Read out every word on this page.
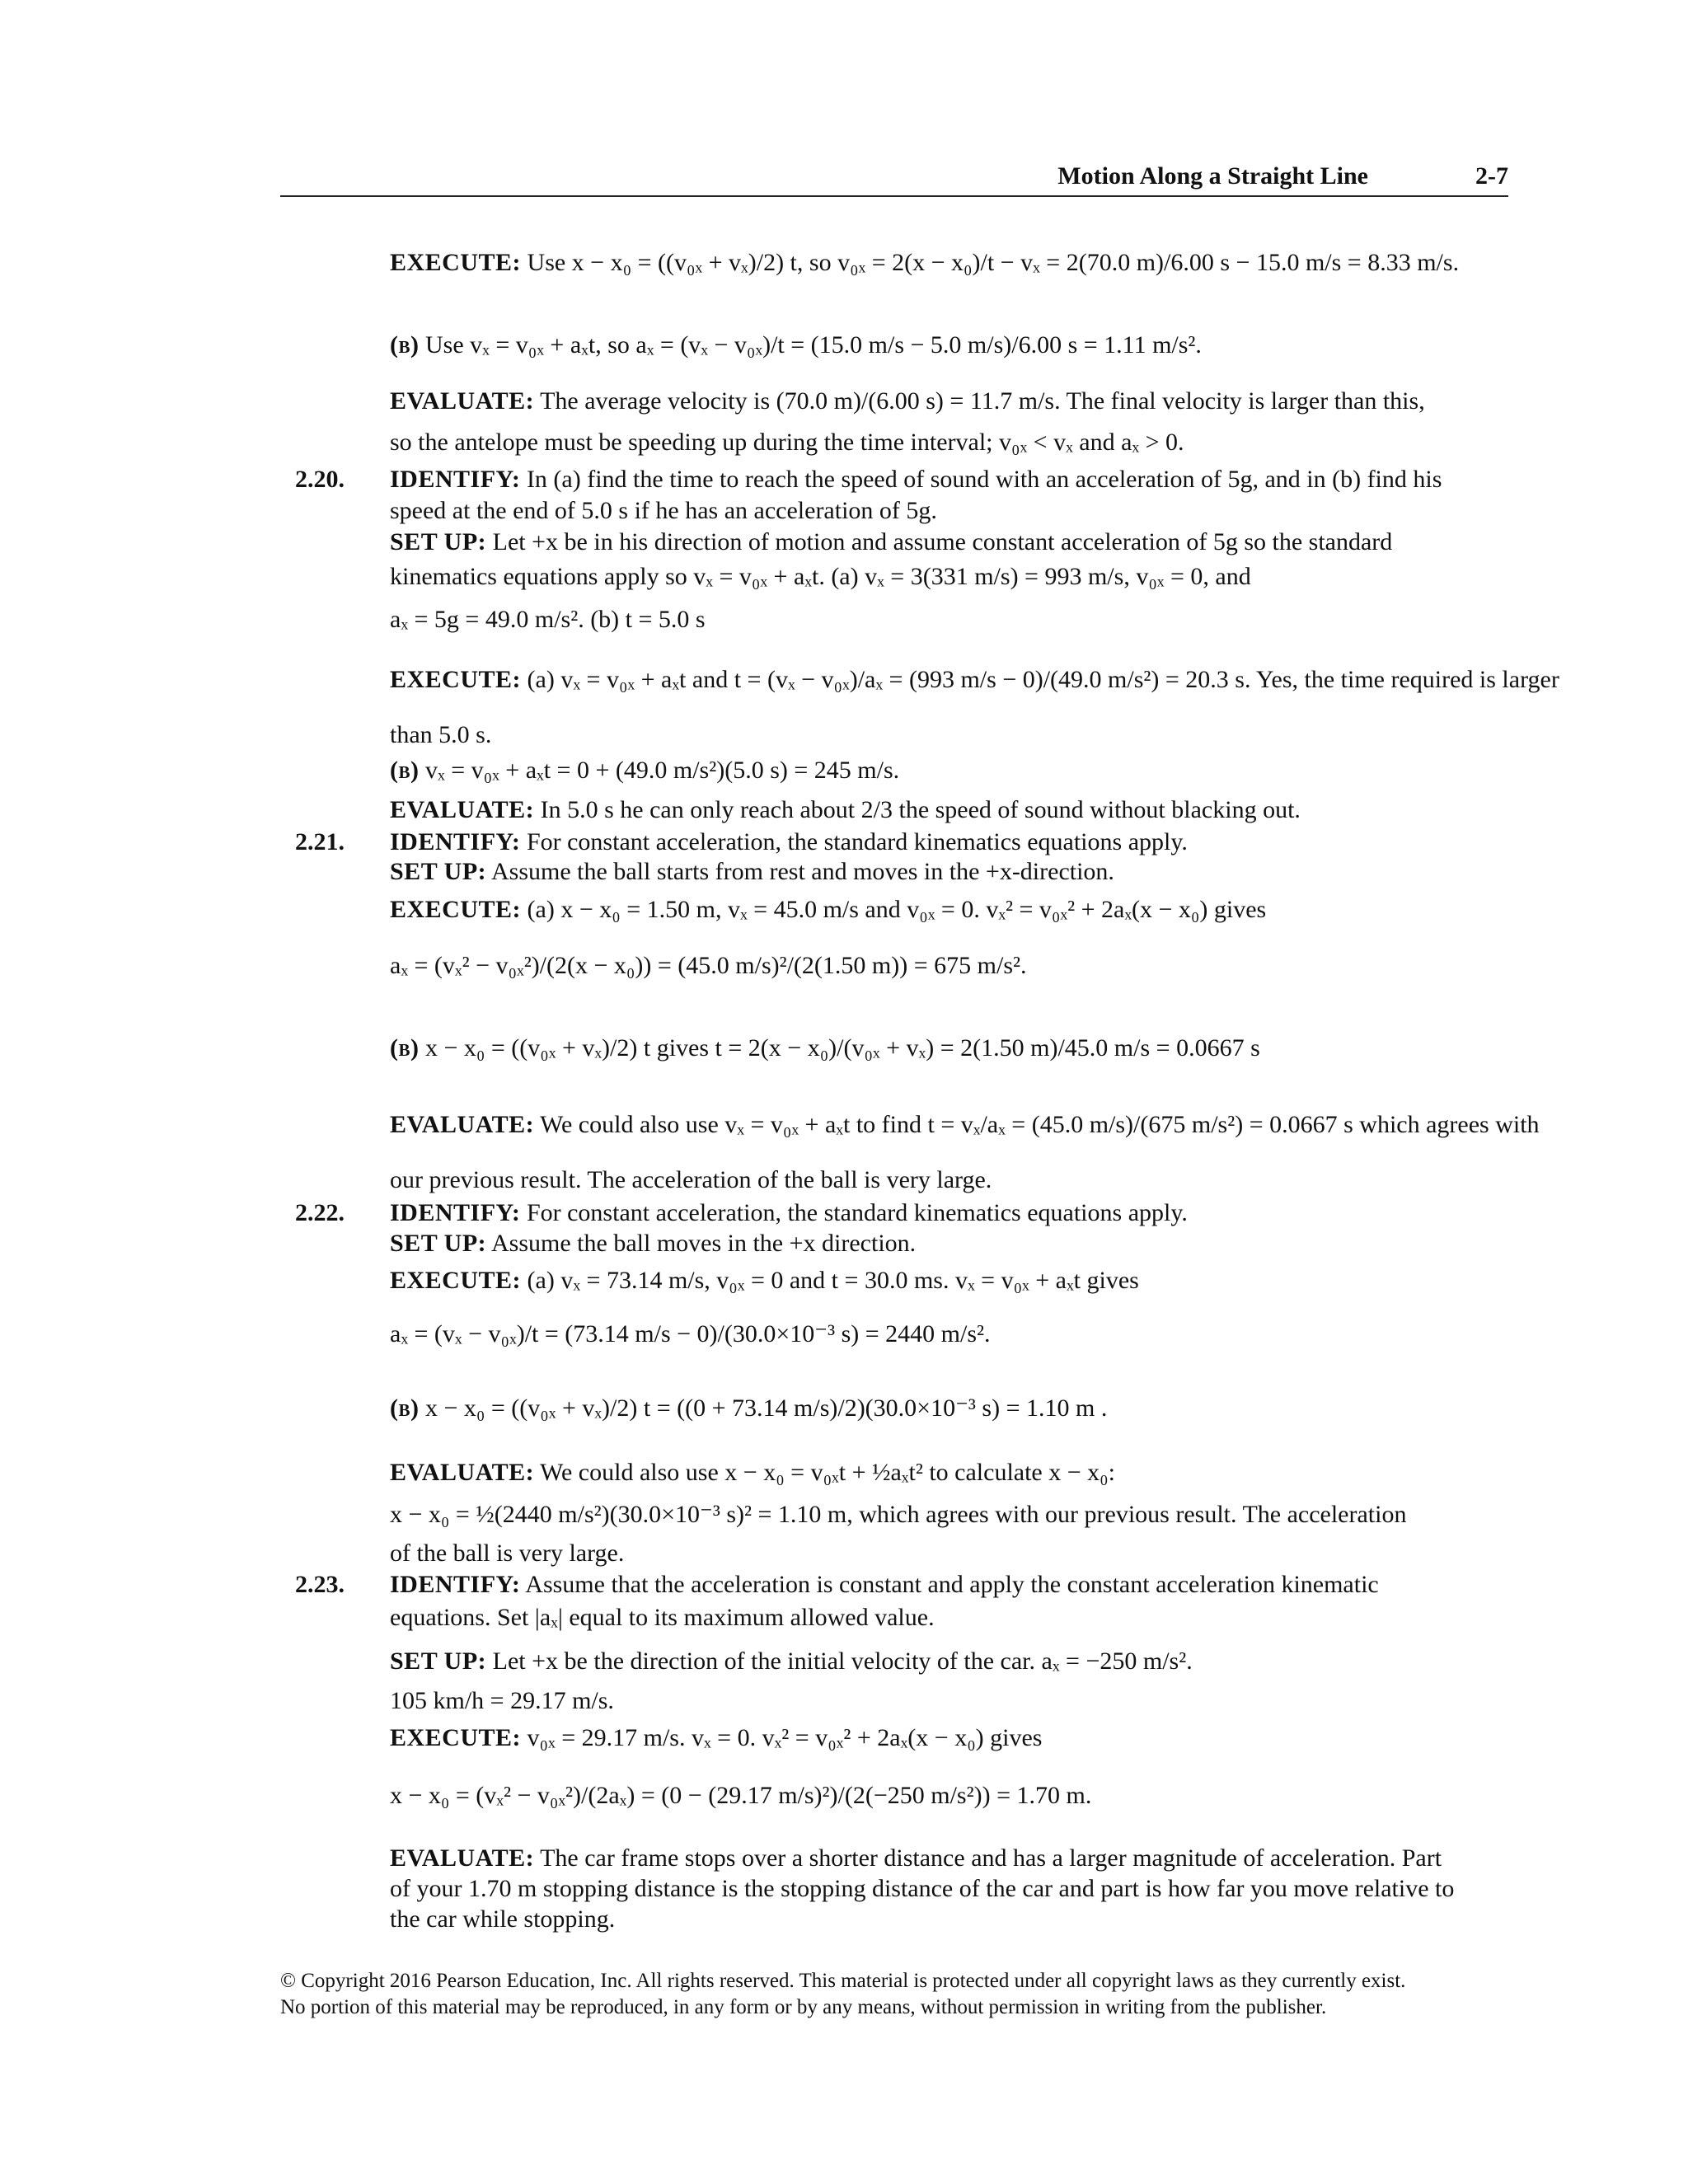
Motion Along a Straight Line	2-7
EXECUTE: Use x − x₀ = ((v₀ₓ + vₓ)/2) t, so v₀ₓ = 2(x − x₀)/t − vₓ = 2(70.0 m)/6.00 s − 15.0 m/s = 8.33 m/s.
(b) Use vₓ = v₀ₓ + aₓt, so aₓ = (vₓ − v₀ₓ)/t = (15.0 m/s − 5.0 m/s)/6.00 s = 1.11 m/s².
EVALUATE: The average velocity is (70.0 m)/(6.00 s) = 11.7 m/s. The final velocity is larger than this,
so the antelope must be speeding up during the time interval; v₀ₓ < vₓ and aₓ > 0.
IDENTIFY: In (a) find the time to reach the speed of sound with an acceleration of 5g, and in (b) find his
speed at the end of 5.0 s if he has an acceleration of 5g.
SET UP: Let +x be in his direction of motion and assume constant acceleration of 5g so the standard
kinematics equations apply so vₓ = v₀ₓ + aₓt. (a) vₓ = 3(331 m/s) = 993 m/s, v₀ₓ = 0, and
aₓ = 5g = 49.0 m/s². (b) t = 5.0 s
EXECUTE: (a) vₓ = v₀ₓ + aₓt and t = (vₓ − v₀ₓ)/aₓ = (993 m/s − 0)/(49.0 m/s²) = 20.3 s. Yes, the time required is larger
than 5.0 s.
(b) vₓ = v₀ₓ + aₓt = 0 + (49.0 m/s²)(5.0 s) = 245 m/s.
EVALUATE: In 5.0 s he can only reach about 2/3 the speed of sound without blacking out.
IDENTIFY: For constant acceleration, the standard kinematics equations apply.
SET UP: Assume the ball starts from rest and moves in the +x-direction.
EXECUTE: (a) x − x₀ = 1.50 m, vₓ = 45.0 m/s and v₀ₓ = 0. vₓ² = v₀ₓ² + 2aₓ(x − x₀) gives
aₓ = (vₓ² − v₀ₓ²)/(2(x − x₀)) = (45.0 m/s)²/(2(1.50 m)) = 675 m/s².
(b) x − x₀ = ((v₀ₓ + vₓ)/2) t gives t = 2(x − x₀)/(v₀ₓ + vₓ) = 2(1.50 m)/45.0 m/s = 0.0667 s
EVALUATE: We could also use vₓ = v₀ₓ + aₓt to find t = vₓ/aₓ = (45.0 m/s)/(675 m/s²) = 0.0667 s which agrees with
our previous result. The acceleration of the ball is very large.
IDENTIFY: For constant acceleration, the standard kinematics equations apply.
SET UP: Assume the ball moves in the +x direction.
EXECUTE: (a) vₓ = 73.14 m/s, v₀ₓ = 0 and t = 30.0 ms. vₓ = v₀ₓ + aₓt gives
aₓ = (vₓ − v₀ₓ)/t = (73.14 m/s − 0)/(30.0×10⁻³ s) = 2440 m/s².
(b) x − x₀ = ((v₀ₓ + vₓ)/2) t = ((0 + 73.14 m/s)/2)(30.0×10⁻³ s) = 1.10 m .
EVALUATE: We could also use x − x₀ = v₀ₓt + ½aₓt² to calculate x − x₀:
x − x₀ = ½(2440 m/s²)(30.0×10⁻³ s)² = 1.10 m, which agrees with our previous result. The acceleration
of the ball is very large.
IDENTIFY: Assume that the acceleration is constant and apply the constant acceleration kinematic
equations. Set |aₓ| equal to its maximum allowed value.
SET UP: Let +x be the direction of the initial velocity of the car. aₓ = −250 m/s².
105 km/h = 29.17 m/s.
EXECUTE: v₀ₓ = 29.17 m/s. vₓ = 0. vₓ² = v₀ₓ² + 2aₓ(x − x₀) gives
x − x₀ = (vₓ² − v₀ₓ²)/(2aₓ) = (0 − (29.17 m/s)²)/(2(−250 m/s²)) = 1.70 m.
EVALUATE: The car frame stops over a shorter distance and has a larger magnitude of acceleration. Part
of your 1.70 m stopping distance is the stopping distance of the car and part is how far you move relative to
the car while stopping.
2.20.
2.21.
2.22.
2.23.
© Copyright 2016 Pearson Education, Inc. All rights reserved. This material is protected under all copyright laws as they currently exist.
No portion of this material may be reproduced, in any form or by any means, without permission in writing from the publisher.
